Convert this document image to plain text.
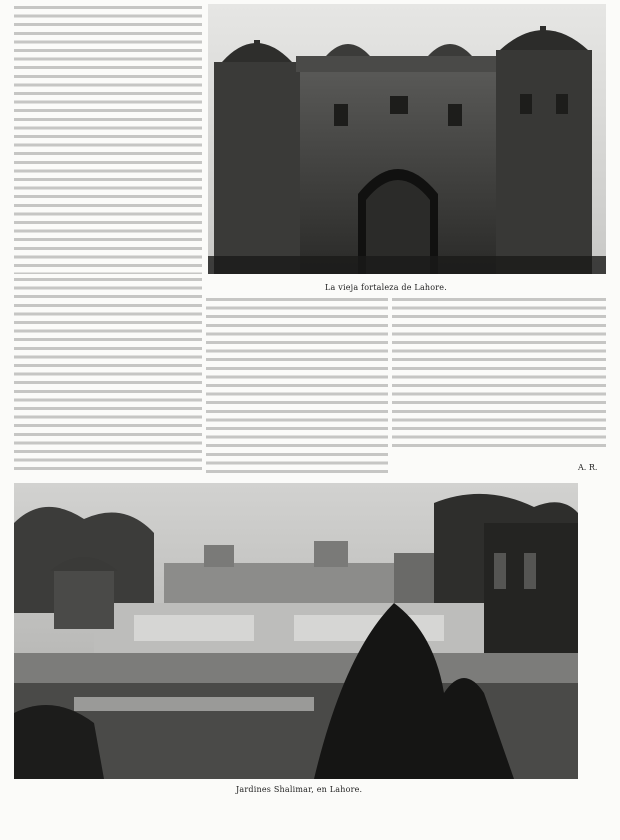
La vieja fortaleza de Lahore.
A. R.
Jardines Shalimar, en Lahore.
